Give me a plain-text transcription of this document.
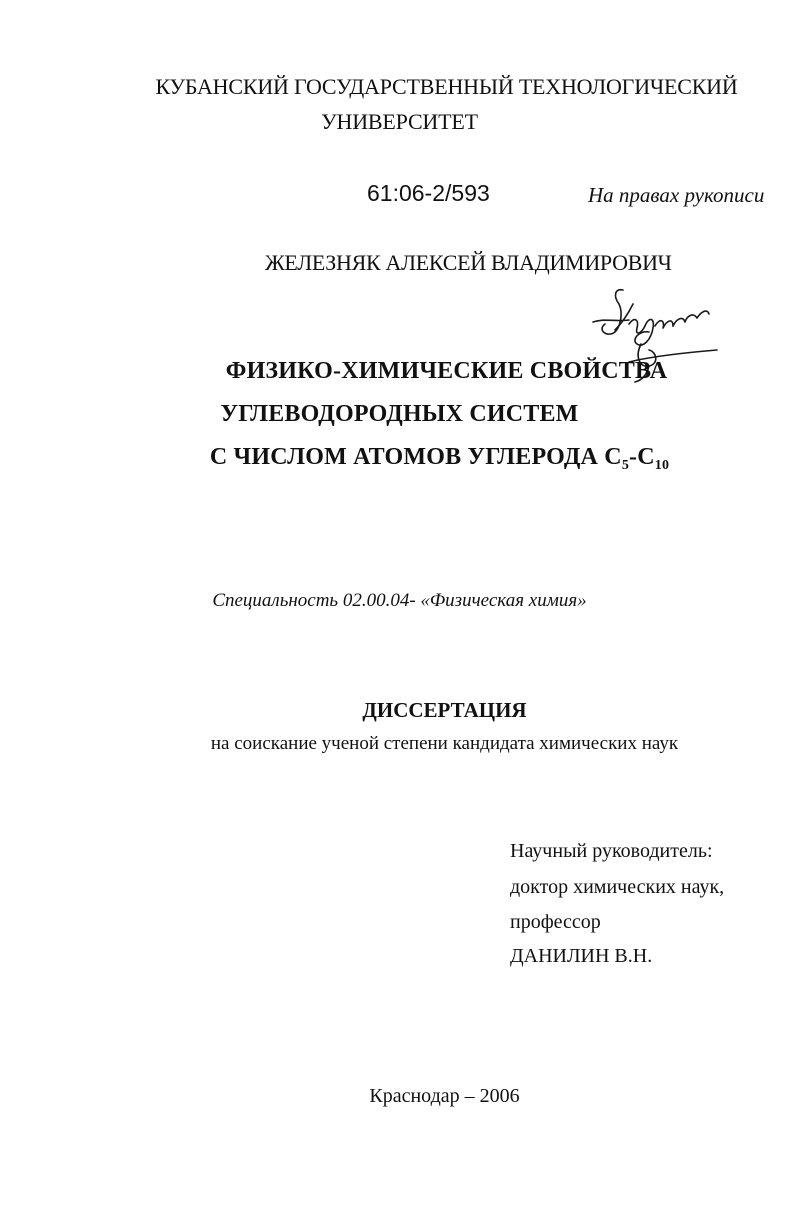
КУБАНСКИЙ ГОСУДАРСТВЕННЫЙ ТЕХНОЛОГИЧЕСКИЙ

УНИВЕРСИТЕТ

61:06-2/593	На правах рукописи

ЖЕЛЕЗНЯК АЛЕКСЕЙ ВЛАДИМИРОВИЧ

ФИЗИКО-ХИМИЧЕСКИЕ СВОЙСТВА
УГЛЕВОДОРОДНЫХ СИСТЕМ
С ЧИСЛОМ АТОМОВ УГЛЕРОДА $С_5-С_{10}$

Специальность 02.00.04- «Физическая химия»

ДИССЕРТАЦИЯ

на соискание ученой степени кандидата химических наук

Научный руководитель:

доктор химических наук,

профессор

ДАНИЛИН В.Н.

Краснодар – 2006
